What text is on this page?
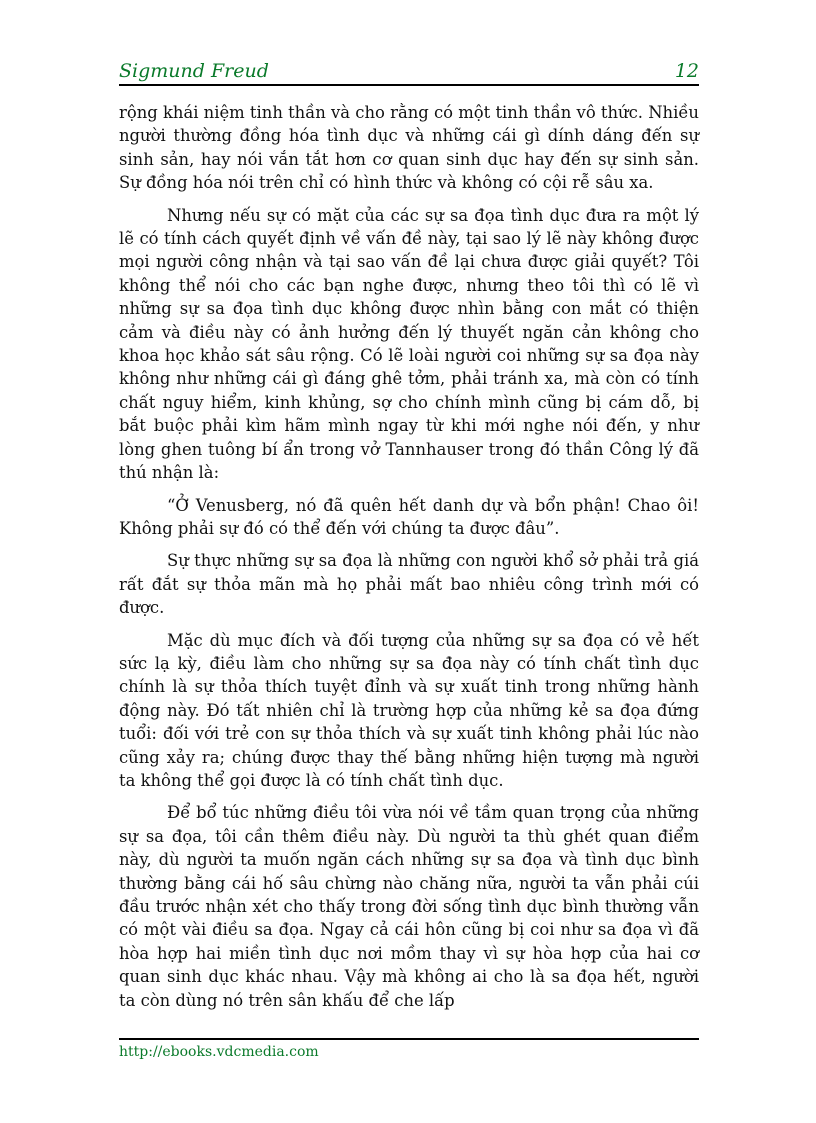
Sigmund Freud	12

rộng khái niệm tinh thần và cho rằng có một tinh thần vô thức. Nhiều người thường đồng hóa tình dục và những cái gì dính dáng đến sự sinh sản, hay nói vắn tắt hơn cơ quan sinh dục hay đến sự sinh sản. Sự đồng hóa nói trên chỉ có hình thức và không có cội rễ sâu xa.

Nhưng nếu sự có mặt của các sự sa đọa tình dục đưa ra một lý lẽ có tính cách quyết định về vấn đề này, tại sao lý lẽ này không được mọi người công nhận và tại sao vấn đề lại chưa được giải quyết? Tôi không thể nói cho các bạn nghe được, nhưng theo tôi thì có lẽ vì những sự sa đọa tình dục không được nhìn bằng con mắt có thiện cảm và điều này có ảnh hưởng đến lý thuyết ngăn cản không cho khoa học khảo sát sâu rộng. Có lẽ loài người coi những sự sa đọa này không như những cái gì đáng ghê tởm, phải tránh xa, mà còn có tính chất nguy hiểm, kinh khủng, sợ cho chính mình cũng bị cám dỗ, bị bắt buộc phải kìm hãm mình ngay từ khi mới nghe nói đến, y như lòng ghen tuông bí ẩn trong vở Tannhauser trong đó thần Công lý đã thú nhận là:

“Ở Venusberg, nó đã quên hết danh dự và bổn phận! Chao ôi! Không phải sự đó có thể đến với chúng ta được đâu”.

Sự thực những sự sa đọa là những con người khổ sở phải trả giá rất đắt sự thỏa mãn mà họ phải mất bao nhiêu công trình mới có được.

Mặc dù mục đích và đối tượng của những sự sa đọa có vẻ hết sức lạ kỳ, điều làm cho những sự sa đọa này có tính chất tình dục chính là sự thỏa thích tuyệt đỉnh và sự xuất tinh trong những hành động này. Đó tất nhiên chỉ là trường hợp của những kẻ sa đọa đứng tuổi: đối với trẻ con sự thỏa thích và sự xuất tinh không phải lúc nào cũng xảy ra; chúng được thay thế bằng những hiện tượng mà người ta không thể gọi được là có tính chất tình dục.

Để bổ túc những điều tôi vừa nói về tầm quan trọng của những sự sa đọa, tôi cần thêm điều này. Dù người ta thù ghét quan điểm này, dù người ta muốn ngăn cách những sự sa đọa và tình dục bình thường bằng cái hố sâu chừng nào chăng nữa, người ta vẫn phải cúi đầu trước nhận xét cho thấy trong đời sống tình dục bình thường vẫn có một vài điều sa đọa. Ngay cả cái hôn cũng bị coi như sa đọa vì đã hòa hợp hai miền tình dục nơi mồm thay vì sự hòa hợp của hai cơ quan sinh dục khác nhau. Vậy mà không ai cho là sa đọa hết, người ta còn dùng nó trên sân khấu để che lấp

http://ebooks.vdcmedia.com
